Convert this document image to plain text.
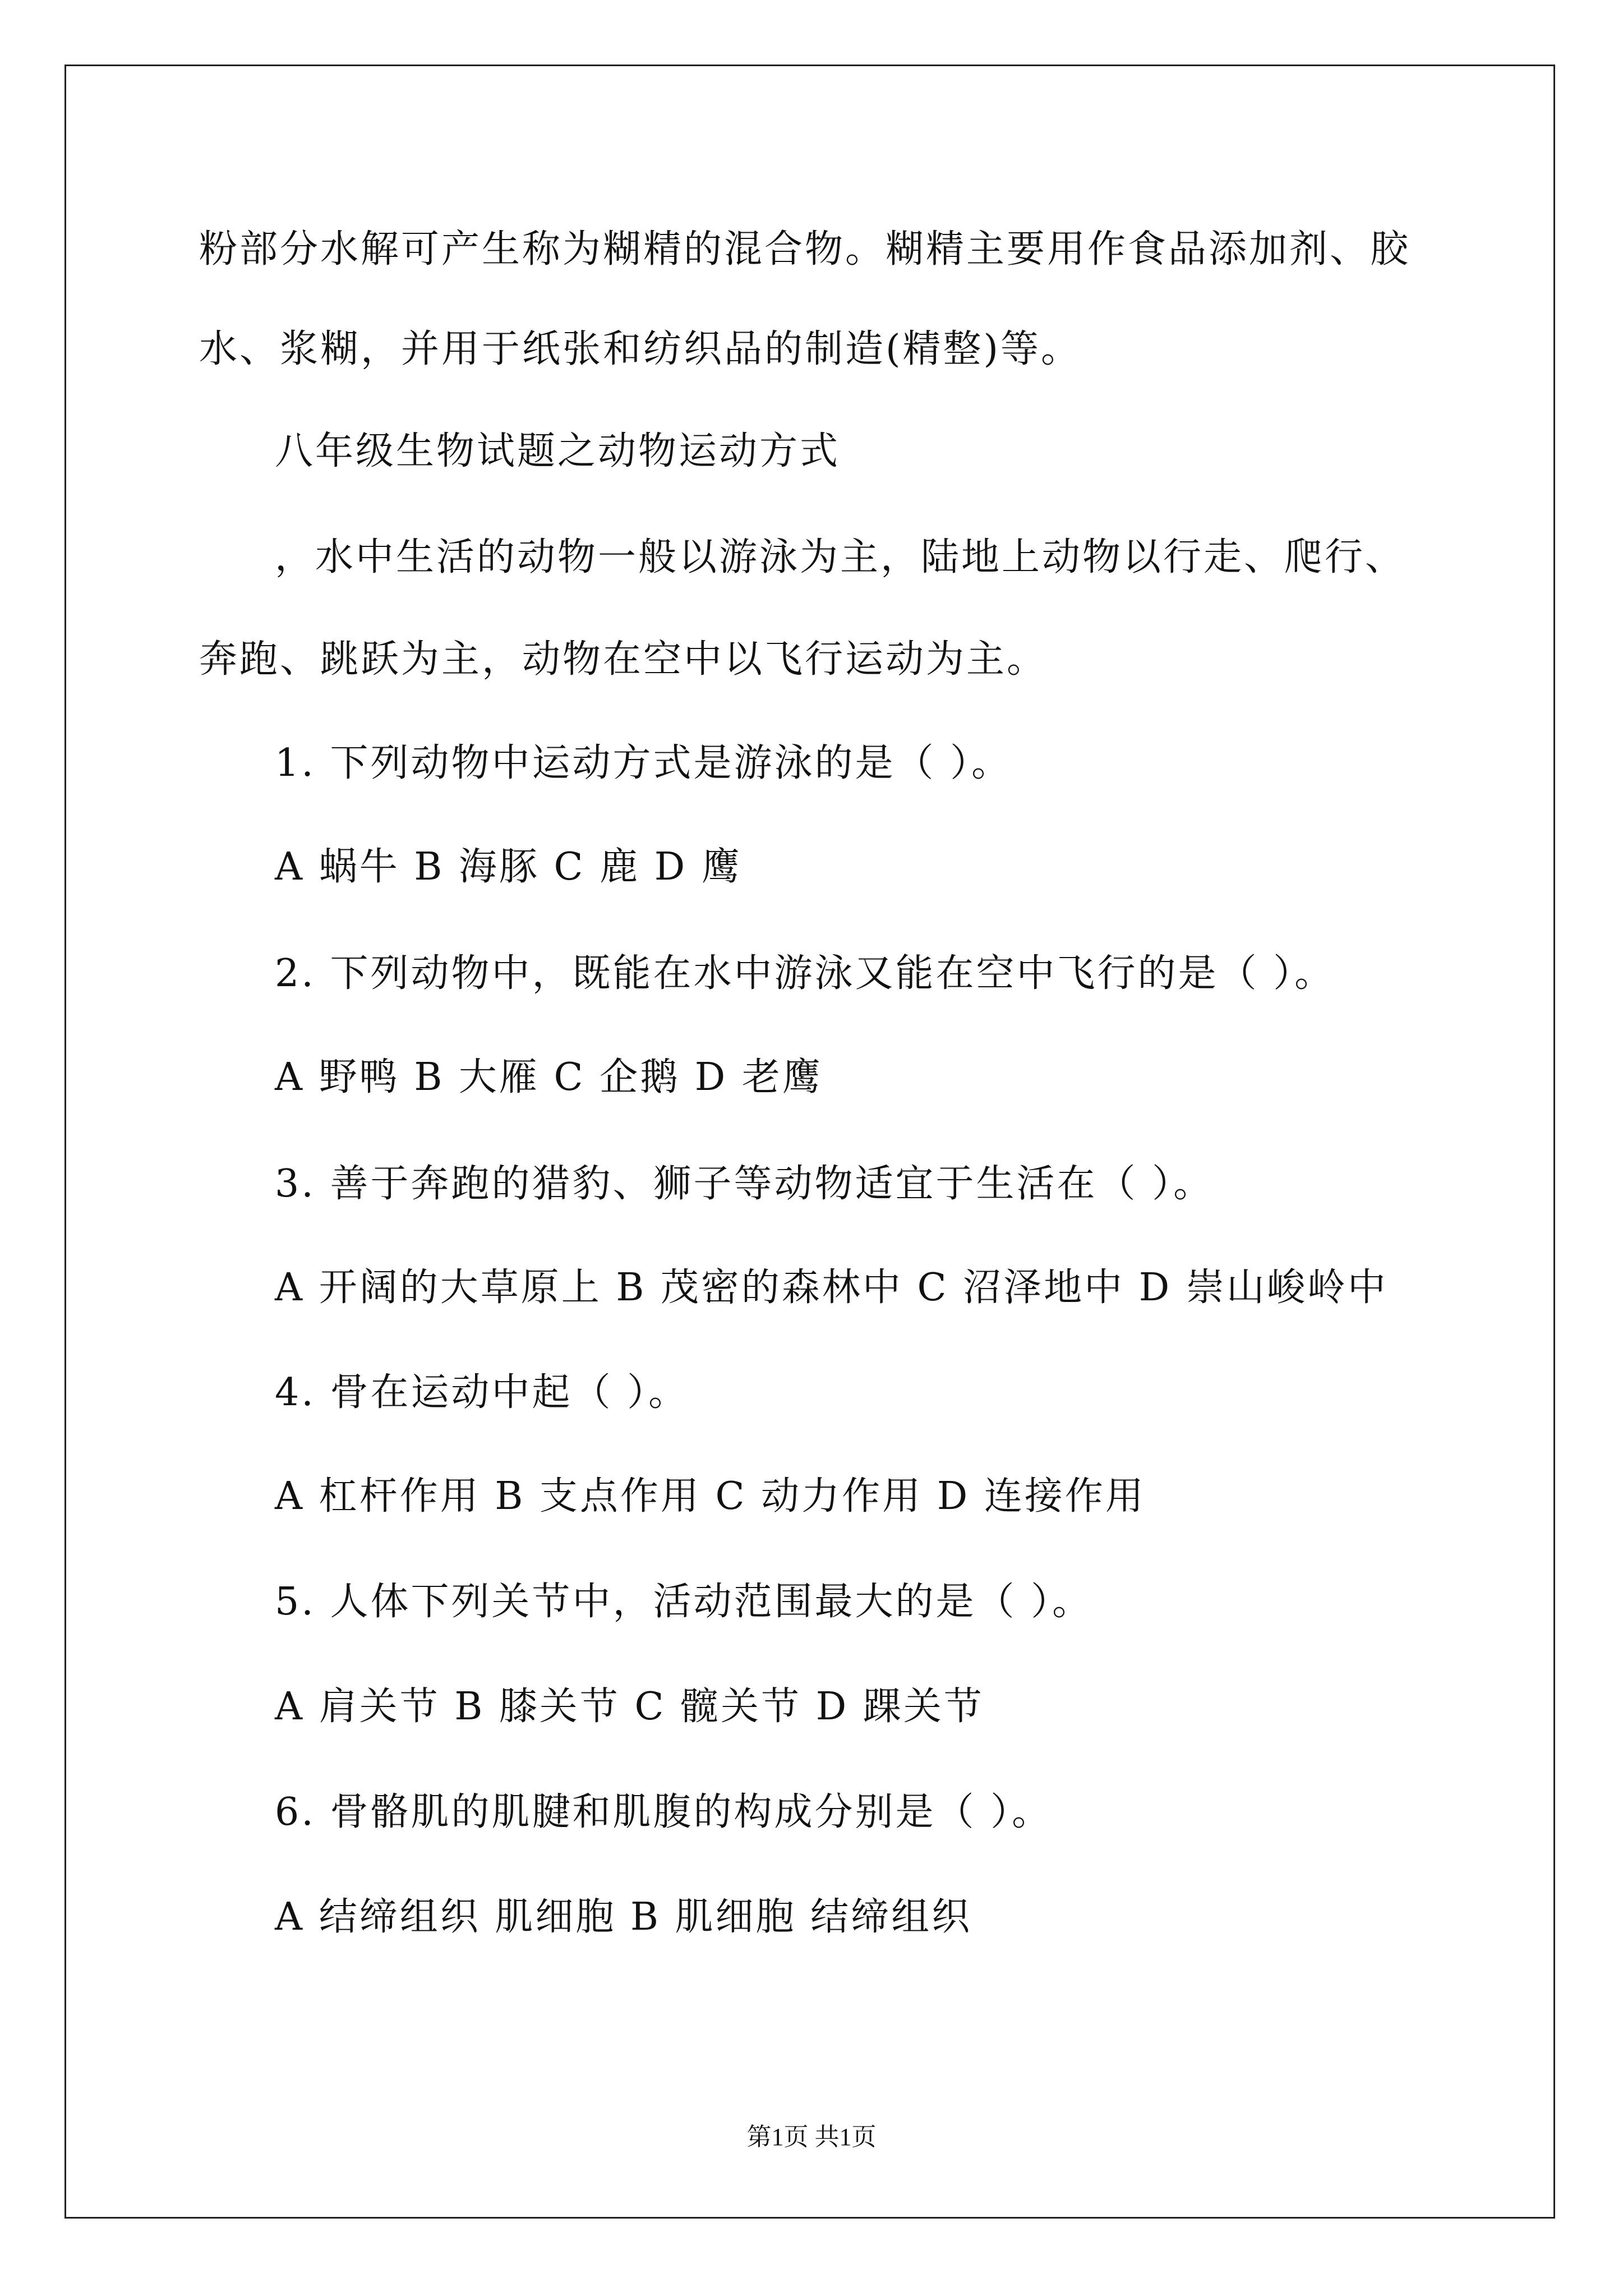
粉部分水解可产生称为糊精的混合物。糊精主要用作食品添加剂、胶
水、浆糊，并用于纸张和纺织品的制造(精整)等。
八年级生物试题之动物运动方式
，水中生活的动物一般以游泳为主，陆地上动物以行走、爬行、
奔跑、跳跃为主，动物在空中以飞行运动为主。
1. 下列动物中运动方式是游泳的是（ ）。
A 蜗牛 B 海豚 C 鹿 D 鹰
2. 下列动物中，既能在水中游泳又能在空中飞行的是（ ）。
A 野鸭 B 大雁 C 企鹅 D 老鹰
3. 善于奔跑的猎豹、狮子等动物适宜于生活在（ ）。
A 开阔的大草原上 B 茂密的森林中 C 沼泽地中 D 崇山峻岭中
4. 骨在运动中起（ ）。
A 杠杆作用 B 支点作用 C 动力作用 D 连接作用
5. 人体下列关节中，活动范围最大的是（ ）。
A 肩关节 B 膝关节 C 髋关节 D 踝关节
6. 骨骼肌的肌腱和肌腹的构成分别是（ ）。
A 结缔组织 肌细胞 B 肌细胞 结缔组织
第1页 共1页
